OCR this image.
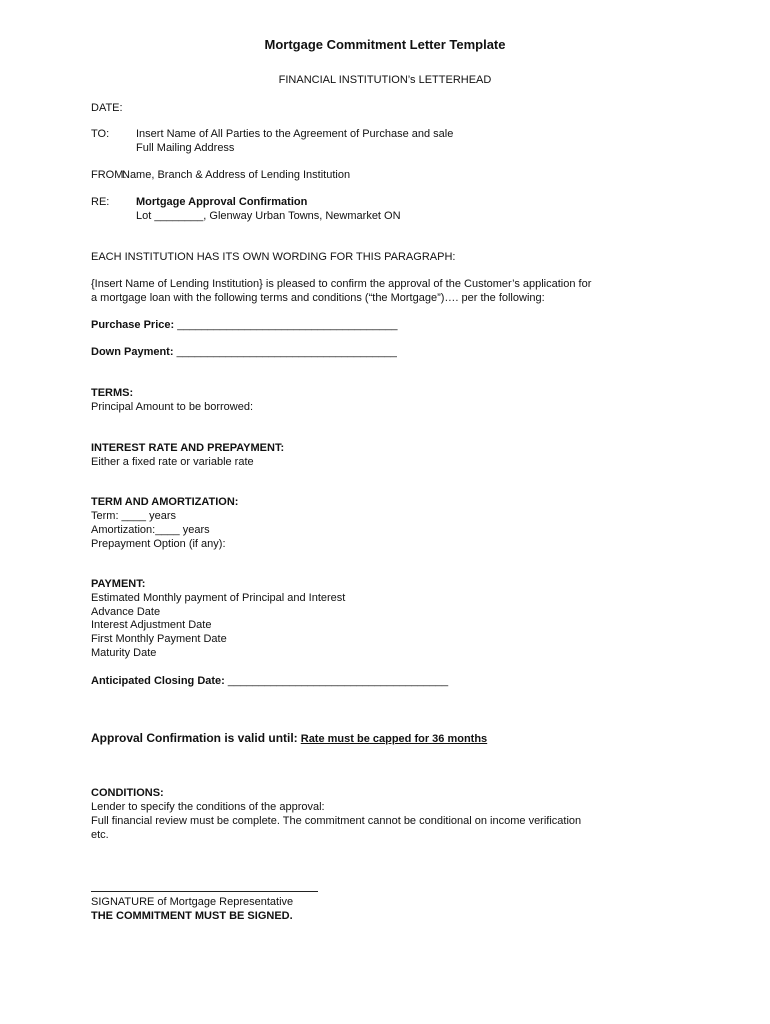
Mortgage Commitment Letter Template
FINANCIAL INSTITUTION’s LETTERHEAD
DATE:
TO: Insert Name of All Parties to the Agreement of Purchase and sale
Full Mailing Address
FROM:
Name, Branch & Address of Lending Institution
RE: Mortgage Approval Confirmation
Lot ________, Glenway Urban Towns, Newmarket ON
EACH INSTITUTION HAS ITS OWN WORDING FOR THIS PARAGRAPH:
{Insert Name of Lending Institution} is pleased to confirm the approval of the Customer’s application for
a mortgage loan with the following terms and conditions (“the Mortgage”)…. per the following:
Purchase Price: ____________________________________
Down Payment: ____________________________________
TERMS:
Principal Amount to be borrowed:
INTEREST RATE AND PREPAYMENT:
Either a fixed rate or variable rate
TERM AND AMORTIZATION:
Term: ____ years
Amortization:____ years
Prepayment Option (if any):
PAYMENT:
Estimated Monthly payment of Principal and Interest
Advance Date
Interest Adjustment Date
First Monthly Payment Date
Maturity Date
Anticipated Closing Date: ____________________________________
Approval Confirmation is valid until: Rate must be capped for 36 months
CONDITIONS:
Lender to specify the conditions of the approval:
Full financial review must be complete. The commitment cannot be conditional on income verification
etc.
SIGNATURE of Mortgage Representative
THE COMMITMENT MUST BE SIGNED.
